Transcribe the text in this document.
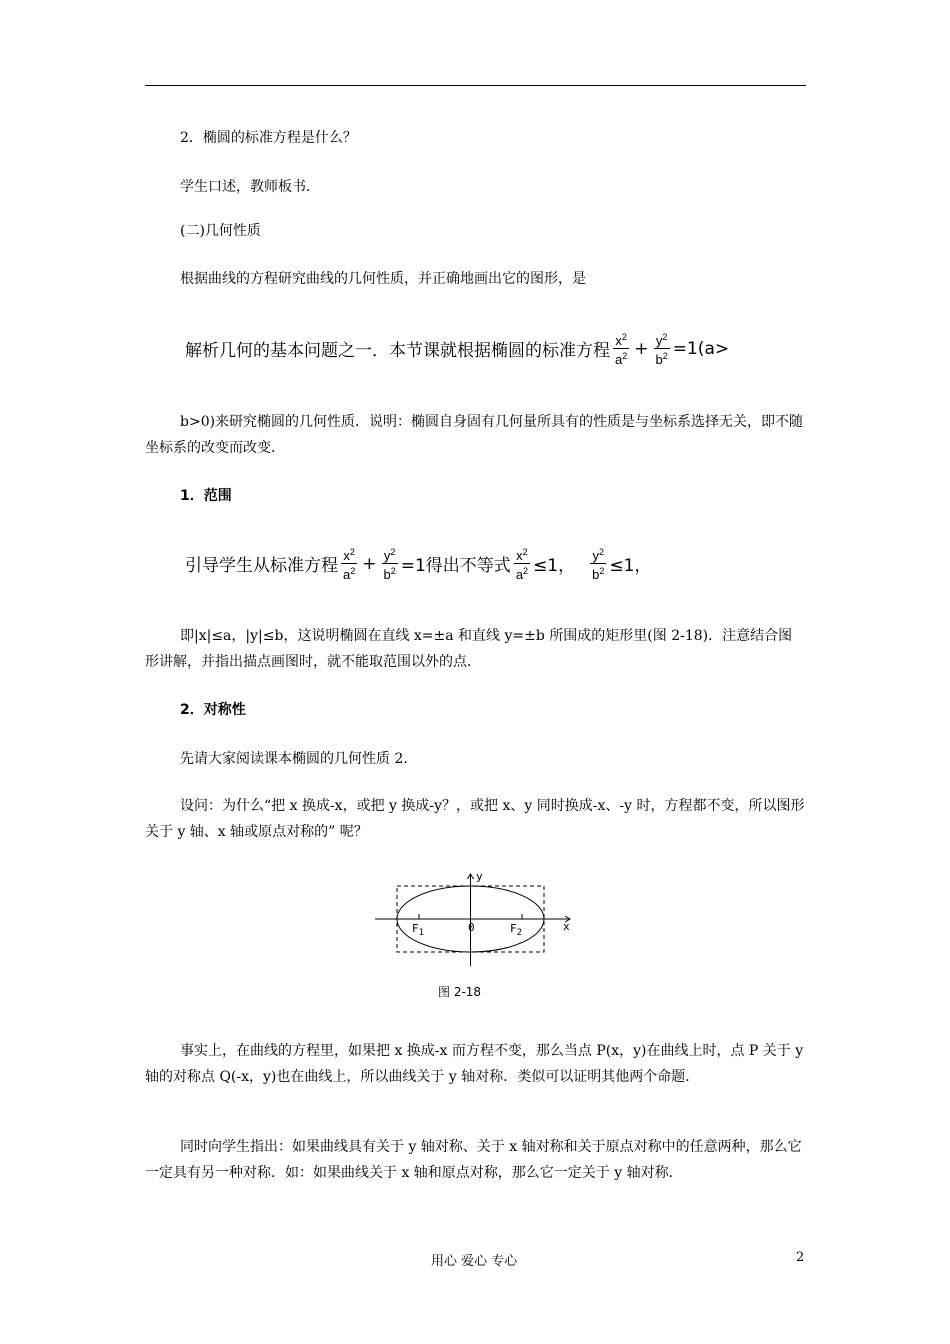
2．椭圆的标准方程是什么？

学生口述，教师板书．

(二)几何性质

根据曲线的方程研究曲线的几何性质，并正确地画出它的图形，是

解析几何的基本问题之一．本节课就根据椭圆的标准方程 $\frac{x^2}{a^2} + \frac{y^2}{b^2} =1(a>$

b>0)来研究椭圆的几何性质．说明：椭圆自身固有几何量所具有的性质是与坐标系选择无关，即不随坐标系的改变而改变．

1．范围

引导学生从标准方程 $\frac{x^2}{a^2} + \frac{y^2}{b^2} =1$得出不等式 $\frac{x^2}{a^2} \le 1$， $\frac{y^2}{b^2} \le 1$，

即|x|≤a，|y|≤b，这说明椭圆在直线 x=±a 和直线 y=±b 所围成的矩形里(图 2-18)．注意结合图形讲解，并指出描点画图时，就不能取范围以外的点．

2．对称性

先请大家阅读课本椭圆的几何性质 2．

设问：为什么“把 x 换成-x，或把 y 换成-y？，或把 x、y 同时换成-x、-y 时，方程都不变，所以图形关于 y 轴、x 轴或原点对称的” 呢？

y
x
$F_1$	0	$F_2$
图 2-18

事实上，在曲线的方程里，如果把 x 换成-x 而方程不变，那么当点 P(x，y)在曲线上时，点 P 关于 y 轴的对称点 Q(-x，y)也在曲线上，所以曲线关于 y 轴对称．类似可以证明其他两个命题．

同时向学生指出：如果曲线具有关于 y 轴对称、关于 x 轴对称和关于原点对称中的任意两种，那么它一定具有另一种对称．如：如果曲线关于 x 轴和原点对称，那么它一定关于 y 轴对称．

用心 爱心 专心	2
